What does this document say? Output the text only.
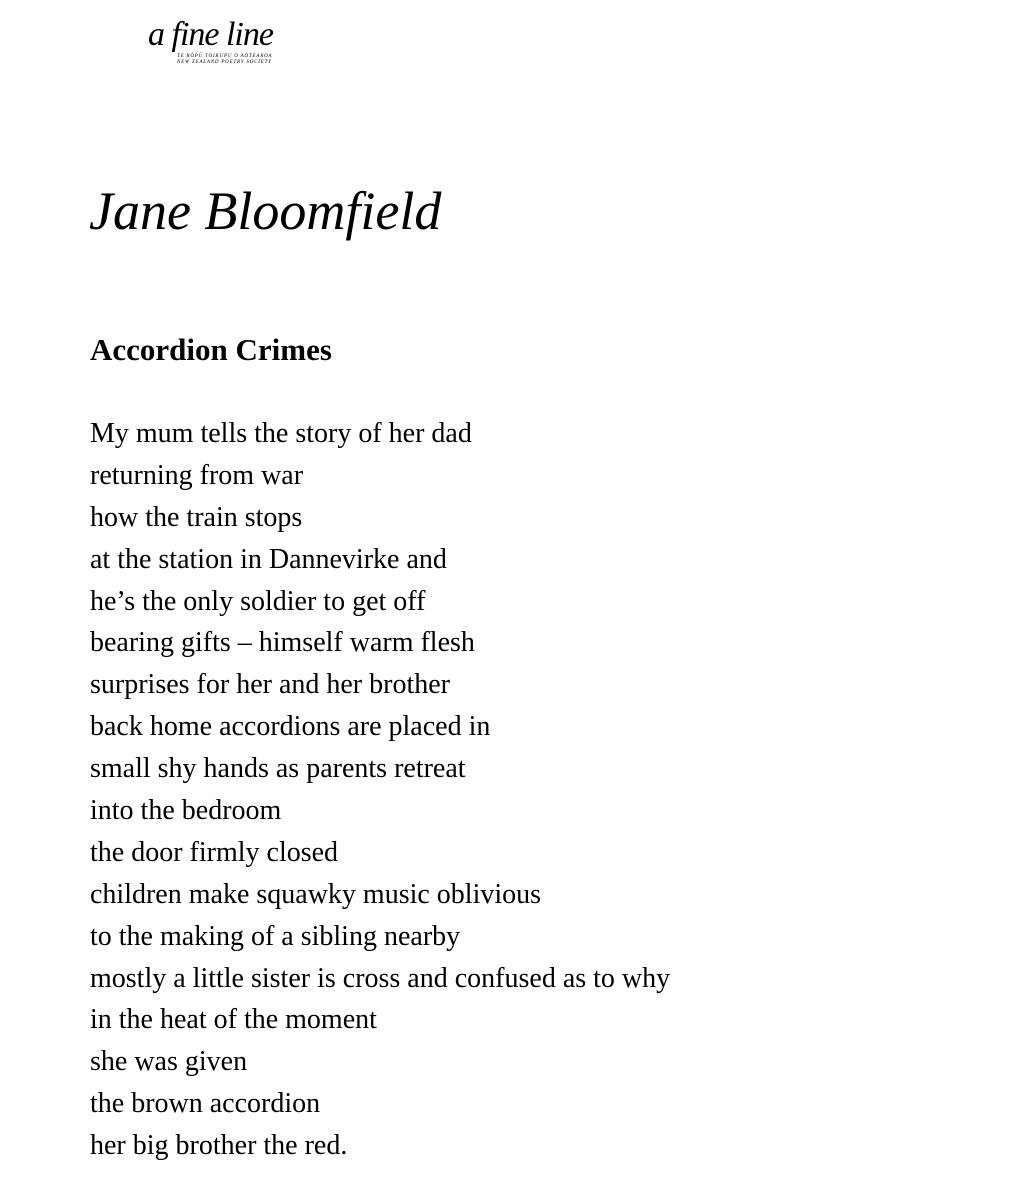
a fine line
TE RŌPŪ TOIKUPU O AOTEAROA
NEW ZEALAND POETRY SOCIETY
Jane Bloomfield
Accordion Crimes
My mum tells the story of her dad
returning from war
how the train stops
at the station in Dannevirke and
he’s the only soldier to get off
bearing gifts – himself warm flesh
surprises for her and her brother
back home accordions are placed in
small shy hands as parents retreat
into the bedroom
the door firmly closed
children make squawky music oblivious
to the making of a sibling nearby
mostly a little sister is cross and confused as to why
in the heat of the moment
she was given
the brown accordion
her big brother the red.
